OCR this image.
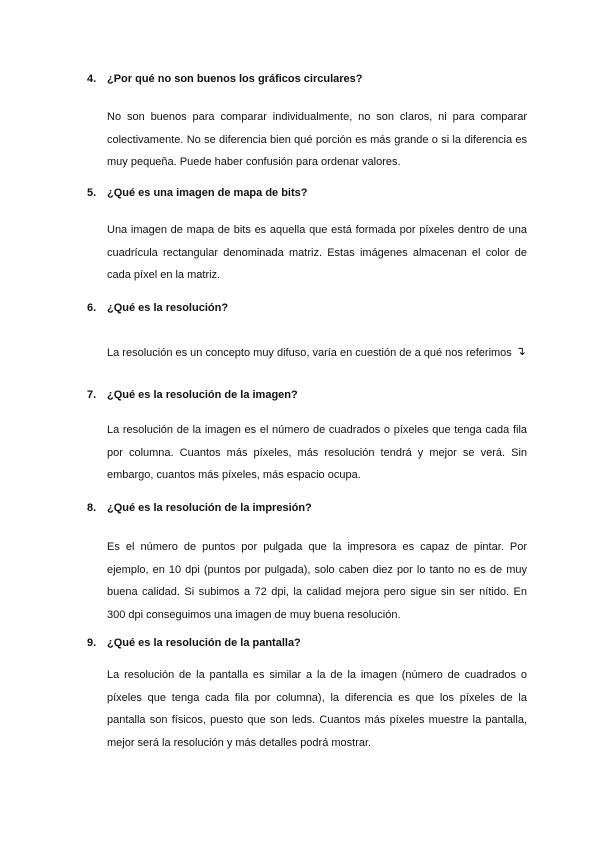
4. ¿Por qué no son buenos los gráficos circulares?
No son buenos para comparar individualmente, no son claros, ni para comparar colectivamente. No se diferencia bien qué porción es más grande o si la diferencia es muy pequeña. Puede haber confusión para ordenar valores.
5. ¿Qué es una imagen de mapa de bits?
Una imagen de mapa de bits es aquella que está formada por píxeles dentro de una cuadrícula rectangular denominada matriz. Estas imágenes almacenan el color de cada píxel en la matriz.
6. ¿Qué es la resolución?
La resolución es un concepto muy difuso, varía en cuestión de a qué nos referimos ↴
7. ¿Qué es la resolución de la imagen?
La resolución de la imagen es el número de cuadrados o píxeles que tenga cada fila por columna. Cuantos más píxeles, más resolución tendrá y mejor se verá. Sin embargo, cuantos más píxeles, más espacio ocupa.
8. ¿Qué es la resolución de la impresión?
Es el número de puntos por pulgada que la impresora es capaz de pintar. Por ejemplo, en 10 dpi (puntos por pulgada), solo caben diez por lo tanto no es de muy buena calidad. Si subimos a 72 dpi, la calidad mejora pero sigue sin ser nítido. En 300 dpi conseguimos una imagen de muy buena resolución.
9. ¿Qué es la resolución de la pantalla?
La resolución de la pantalla es similar a la de la imagen (número de cuadrados o píxeles que tenga cada fila por columna), la diferencia es que los píxeles de la pantalla son físicos, puesto que son leds. Cuantos más píxeles muestre la pantalla, mejor será la resolución y más detalles podrá mostrar.
